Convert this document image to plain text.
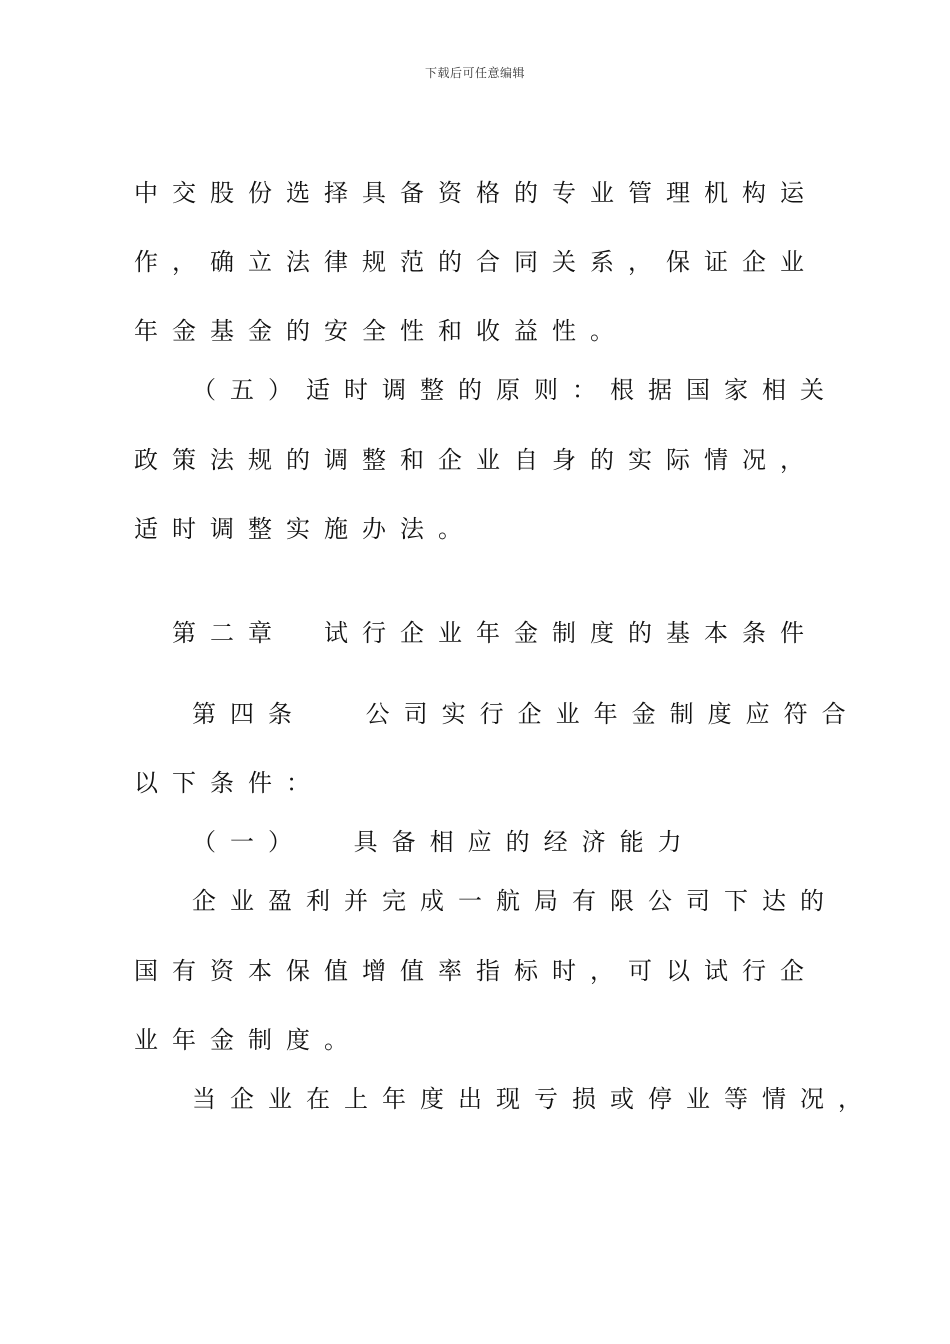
下载后可任意编辑
中交股份选择具备资格的专业管理机构运
作，确立法律规范的合同关系，保证企业
年金基金的安全性和收益性。
（五）适时调整的原则：根据国家相关
政策法规的调整和企业自身的实际情况，
适时调整实施办法。
第二章　试行企业年金制度的基本条件
第四条　 公司实行企业年金制度应符合
以下条件：
（一）　 具备相应的经济能力
企业盈利并完成一航局有限公司下达的
国有资本保值增值率指标时，可以试行企
业年金制度。
当企业在上年度出现亏损或停业等情况，
